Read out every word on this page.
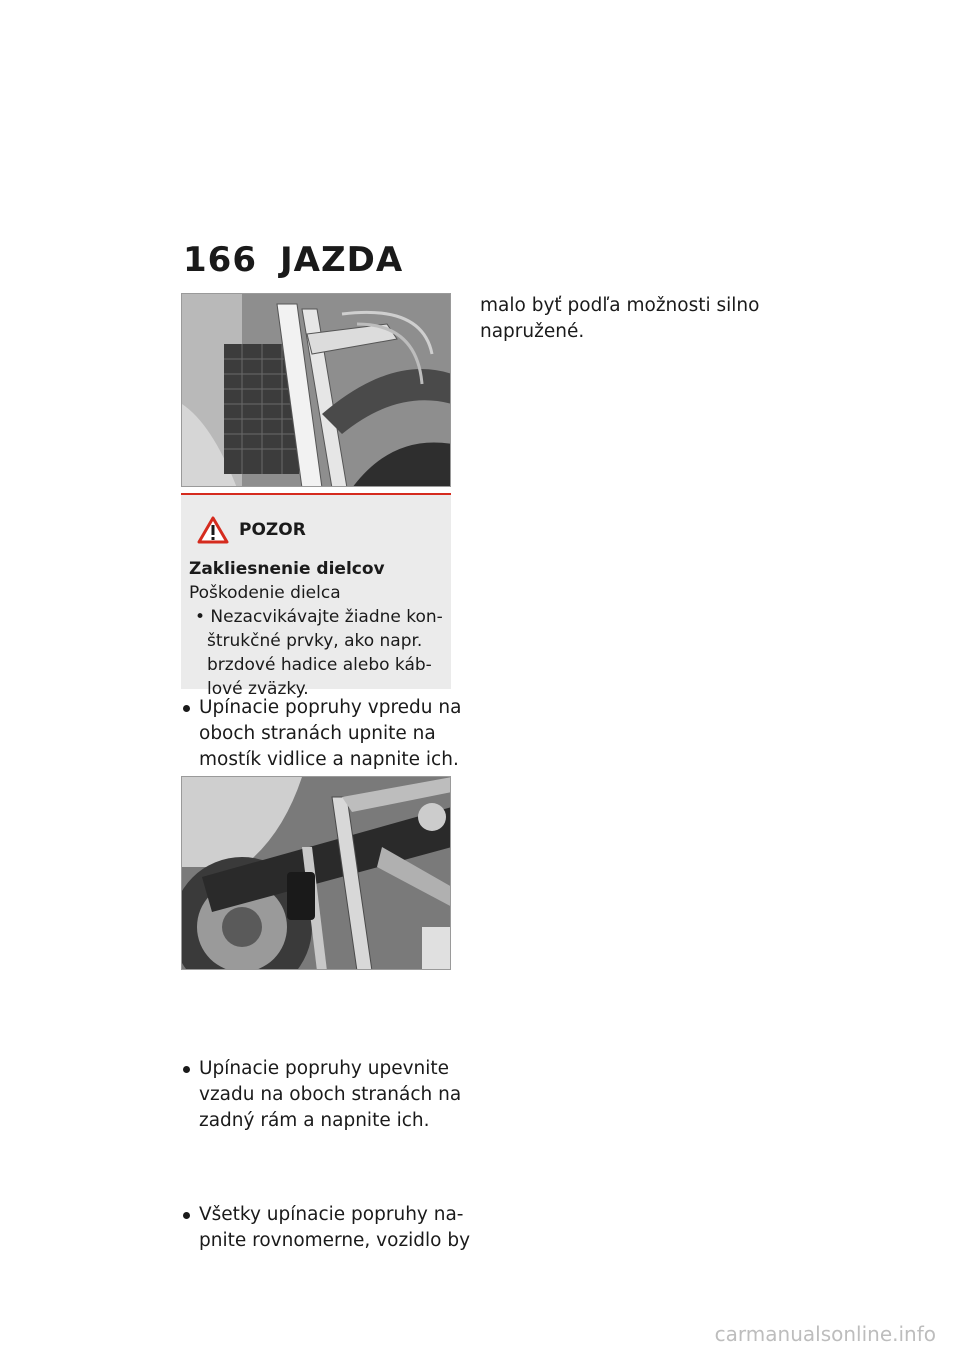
166 JAZDA
POZOR
Zakliesnenie dielcov
Poškodenie dielca
• Nezacvikávajte žiadne kon-
štrukčné prvky, ako napr.
brzdové hadice alebo káb-
lové zväzky.
Upínacie popruhy vpredu na
oboch stranách upnite na
mostík vidlice a napnite ich.
Upínacie popruhy upevnite
vzadu na oboch stranách na
zadný rám a napnite ich.
Všetky upínacie popruhy na-
pnite rovnomerne, vozidlo by
malo byť podľa možnosti silno
napružené.
carmanualsonline.info
